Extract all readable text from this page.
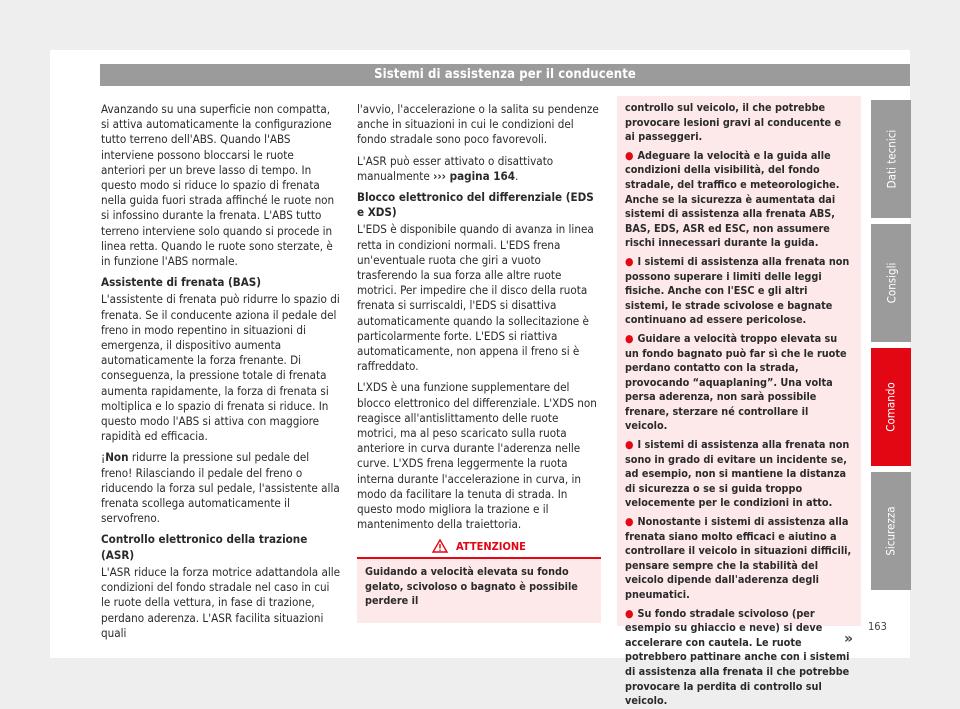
Sistemi di assistenza per il conducente

Avanzando su una superficie non compatta, si attiva automaticamente la configurazione tutto terreno dell'ABS. Quando l'ABS interviene possono bloccarsi le ruote anteriori per un breve lasso di tempo. In questo modo si riduce lo spazio di frenata nella guida fuori strada affinché le ruote non si infossino durante la frenata. L'ABS tutto terreno interviene solo quando si procede in linea retta. Quando le ruote sono sterzate, è in funzione l'ABS normale.

Assistente di frenata (BAS)

L'assistente di frenata può ridurre lo spazio di frenata. Se il conducente aziona il pedale del freno in modo repentino in situazioni di emergenza, il dispositivo aumenta automaticamente la forza frenante. Di conseguenza, la pressione totale di frenata aumenta rapidamente, la forza di frenata si moltiplica e lo spazio di frenata si riduce. In questo modo l'ABS si attiva con maggiore rapidità ed efficacia.

¡Non ridurre la pressione sul pedale del freno! Rilasciando il pedale del freno o riducendo la forza sul pedale, l'assistente alla frenata scollega automaticamente il servofreno.

Controllo elettronico della trazione (ASR)

L'ASR riduce la forza motrice adattandola alle condizioni del fondo stradale nel caso in cui le ruote della vettura, in fase di trazione, perdano aderenza. L'ASR facilita situazioni quali

l'avvio, l'accelerazione o la salita su pendenze anche in situazioni in cui le condizioni del fondo stradale sono poco favorevoli.

L'ASR può esser attivato o disattivato manualmente ››› pagina 164.

Blocco elettronico del differenziale (EDS e XDS)

L'EDS è disponibile quando di avanza in linea retta in condizioni normali. L'EDS frena un'eventuale ruota che giri a vuoto trasferendo la sua forza alle altre ruote motrici. Per impedire che il disco della ruota frenata si surriscaldi, l'EDS si disattiva automaticamente quando la sollecitazione è particolarmente forte. L'EDS si riattiva automaticamente, non appena il freno si è raffreddato.

L'XDS è una funzione supplementare del blocco elettronico del differenziale. L'XDS non reagisce all'antislittamento delle ruote motrici, ma al peso scaricato sulla ruota anteriore in curva durante l'aderenza nelle curve. L'XDS frena leggermente la ruota interna durante l'accelerazione in curva, in modo da facilitare la tenuta di strada. In questo modo migliora la trazione e il mantenimento della traiettoria.

ATTENZIONE
Guidando a velocità elevata su fondo gelato, scivoloso o bagnato è possibile perdere il

controllo sul veicolo, il che potrebbe provocare lesioni gravi al conducente e ai passeggeri.

● Adeguare la velocità e la guida alle condizioni della visibilità, del fondo stradale, del traffico e meteorologiche. Anche se la sicurezza è aumentata dai sistemi di assistenza alla frenata ABS, BAS, EDS, ASR ed ESC, non assumere rischi innecessari durante la guida.

● I sistemi di assistenza alla frenata non possono superare i limiti delle leggi fisiche. Anche con l'ESC e gli altri sistemi, le strade scivolose e bagnate continuano ad essere pericolose.

● Guidare a velocità troppo elevata su un fondo bagnato può far sì che le ruote perdano contatto con la strada, provocando “aquaplaning”. Una volta persa aderenza, non sarà possibile frenare, sterzare né controllare il veicolo.

● I sistemi di assistenza alla frenata non sono in grado di evitare un incidente se, ad esempio, non si mantiene la distanza di sicurezza o se si guida troppo velocemente per le condizioni in atto.

● Nonostante i sistemi di assistenza alla frenata siano molto efficaci e aiutino a controllare il veicolo in situazioni difficili, pensare sempre che la stabilità del veicolo dipende dall'aderenza degli pneumatici.

● Su fondo stradale scivoloso (per esempio su ghiaccio e neve) si deve accelerare con cautela. Le ruote potrebbero pattinare anche con i sistemi di assistenza alla frenata il che potrebbe provocare la perdita di controllo sul veicolo.

»
163
Dati tecnici
Consigli
Comando
Sicurezza
